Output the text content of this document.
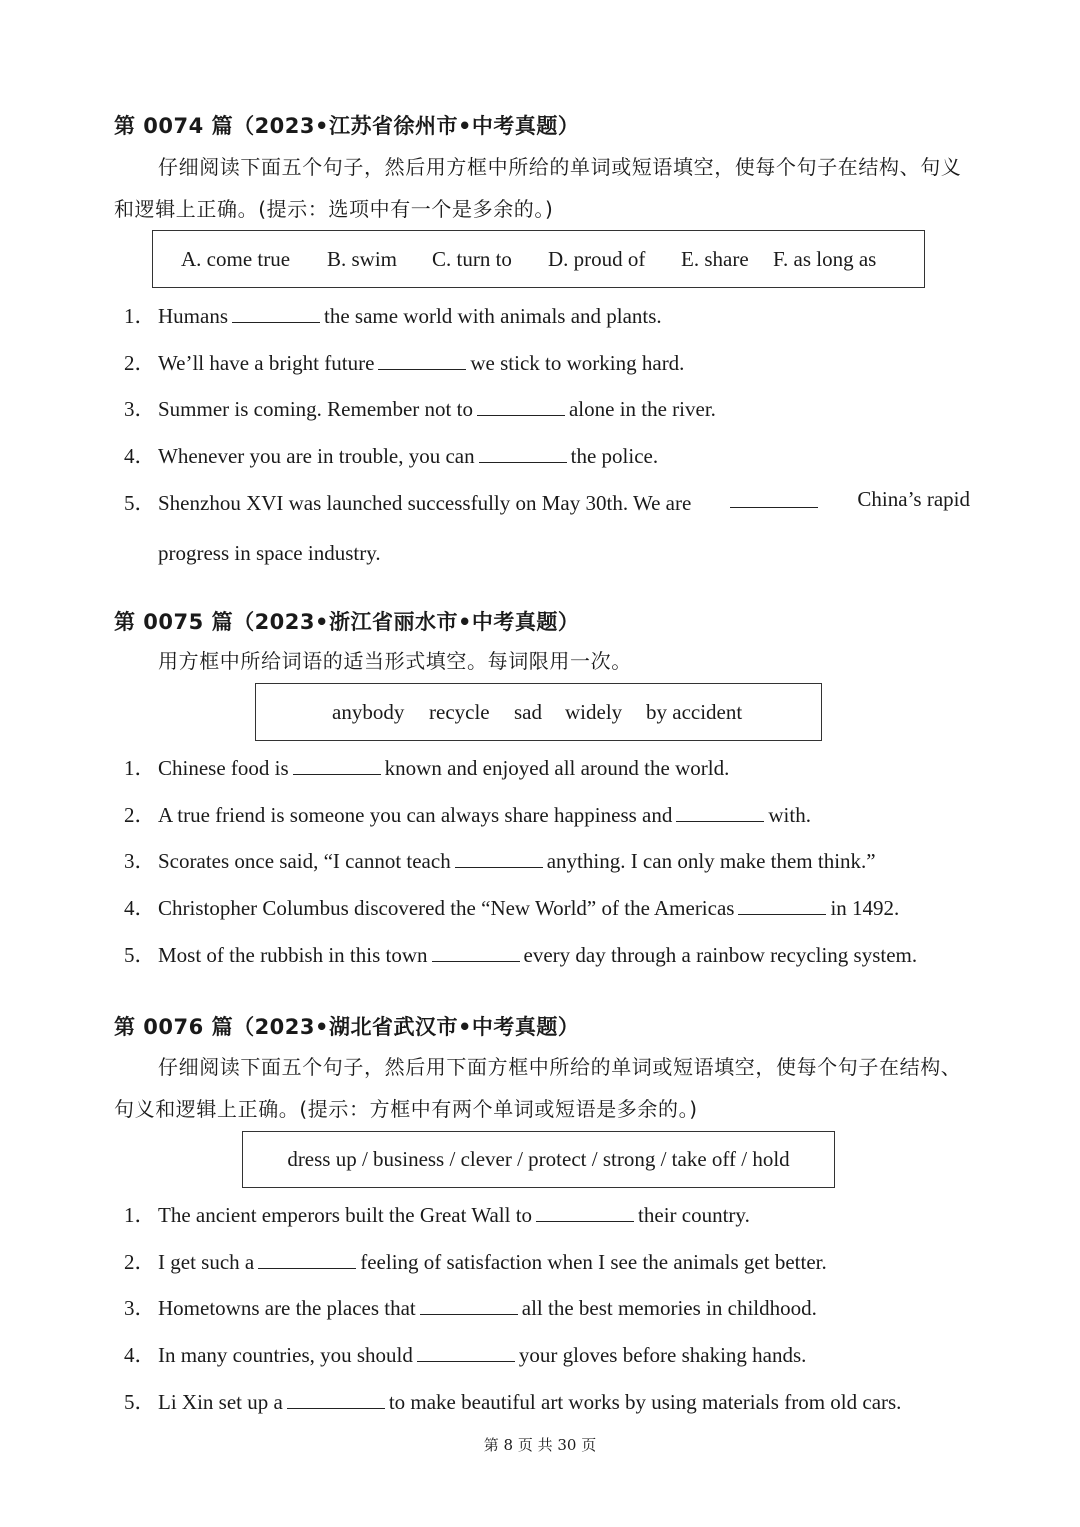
第 0074 篇（2023•江苏省徐州市•中考真题）
仔细阅读下面五个句子，然后用方框中所给的单词或短语填空，使每个句子在结构、句义和逻辑上正确。(提示：选项中有一个是多余的。)
A. come true	B. swim	C. turn to	D. proud of	E. share	F. as long as
1． Humans	the same world with animals and plants.
2． We’ll have a bright future	we stick to working hard.
3． Summer is coming. Remember not to	alone in the river.
4． Whenever you are in trouble, you can	the police.
5． Shenzhou XVI was launched successfully on May 30th. We are	China’s rapid
progress in space industry.
第 0075 篇（2023•浙江省丽水市•中考真题）
用方框中所给词语的适当形式填空。每词限用一次。
anybody	recycle	sad	widely	by accident
1． Chinese food is	known and enjoyed all around the world.
2． A true friend is someone you can always share happiness and	with.
3． Scorates once said, “I cannot teach	anything. I can only make them think.”
4． Christopher Columbus discovered the “New World” of the Americas	in 1492.
5． Most of the rubbish in this town	every day through a rainbow recycling system.
第 0076 篇（2023•湖北省武汉市•中考真题）
仔细阅读下面五个句子，然后用下面方框中所给的单词或短语填空，使每个句子在结构、句义和逻辑上正确。(提示：方框中有两个单词或短语是多余的。)
dress up / business / clever / protect / strong / take off / hold
1． The ancient emperors built the Great Wall to	their country.
2． I get such a	feeling of satisfaction when I see the animals get better.
3． Hometowns are the places that	all the best memories in childhood.
4． In many countries, you should	your gloves before shaking hands.
5． Li Xin set up a	to make beautiful art works by using materials from old cars.
第 8 页 共 30 页
